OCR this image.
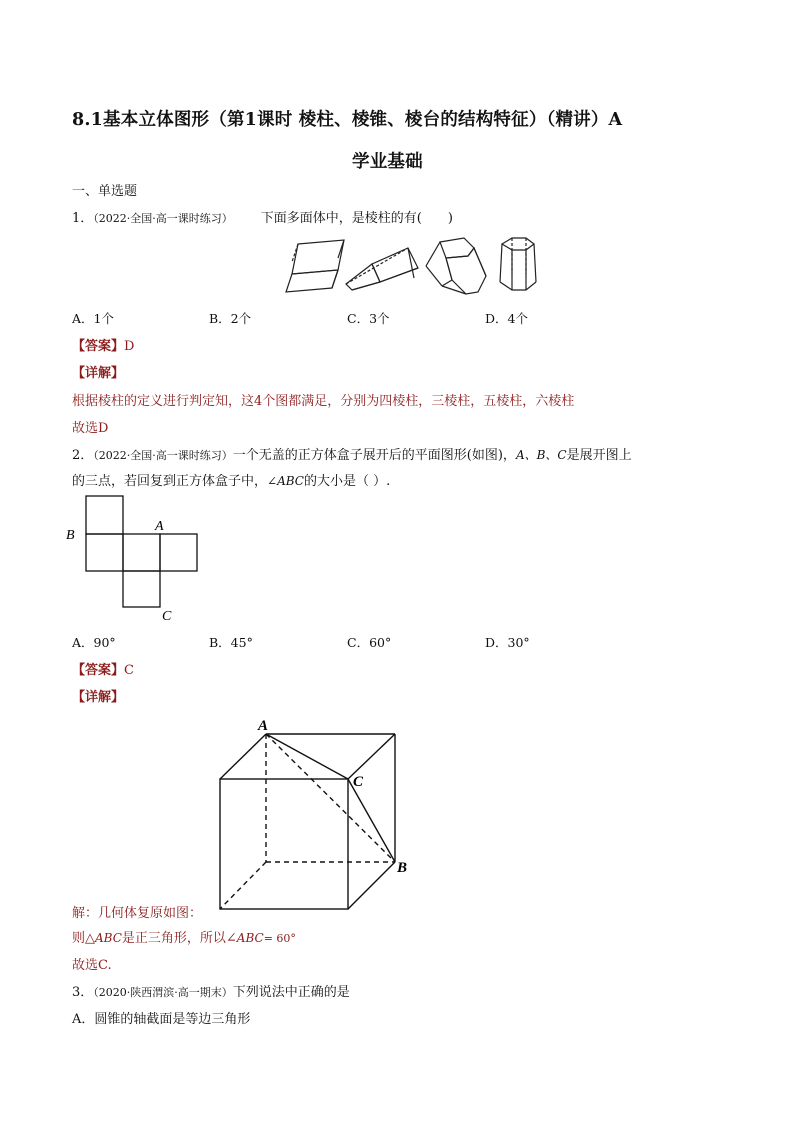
8.1基本立体图形（第1课时 棱柱、棱锥、棱台的结构特征）（精讲）A
学业基础
一、单选题
1．（2022·全国·高一课时练习） 下面多面体中，是棱柱的有(　　)
A．1个	B．2个	C．3个	D．4个
【答案】D
【详解】
根据棱柱的定义进行判定知，这4个图都满足，分别为四棱柱，三棱柱，五棱柱，六棱柱
故选D
2．（2022·全国·高一课时练习）一个无盖的正方体盒子展开后的平面图形(如图)，A、B、C是展开图上
的三点，若回复到正方体盒子中，∠ABC的大小是（ ）.
B
A
C
A．90°	B．45°	C．60°	D．30°
【答案】C
【详解】
A
C
B
解：几何体复原如图：
则△ABC是正三角形，所以∠ABC= 60°
故选C.
3．（2020·陕西渭滨·高一期末）下列说法中正确的是
A．圆锥的轴截面是等边三角形
